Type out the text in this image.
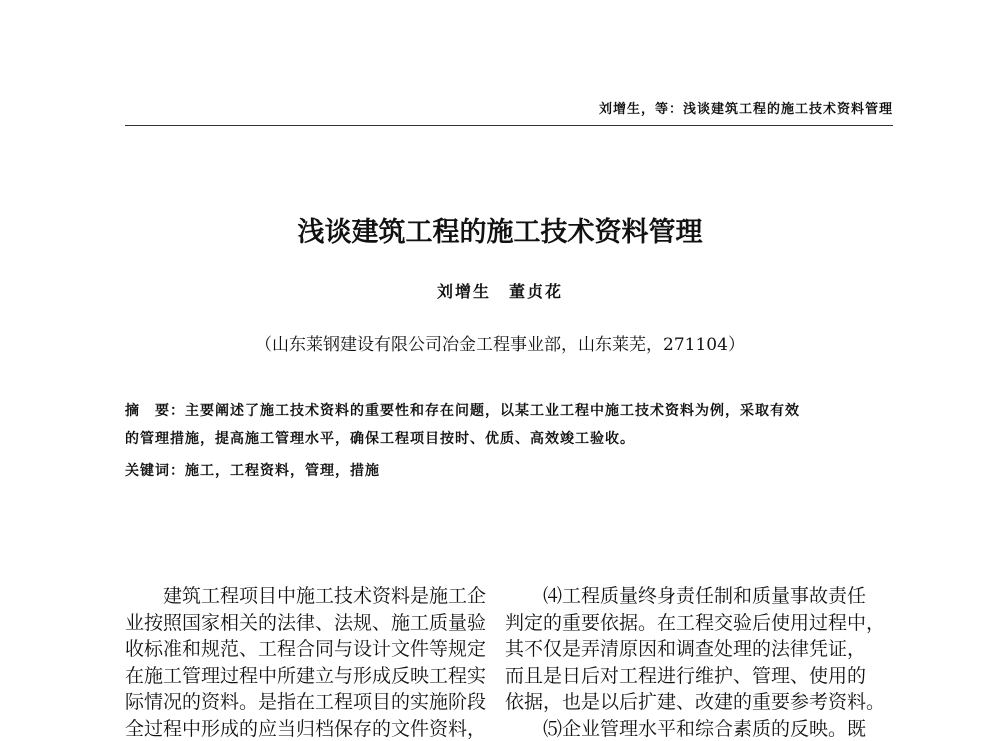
刘增生，等：浅谈建筑工程的施工技术资料管理
浅谈建筑工程的施工技术资料管理
刘增生　董贞花
（山东莱钢建设有限公司冶金工程事业部，山东莱芜，271104）
摘　要：主要阐述了施工技术资料的重要性和存在问题，以某工业工程中施工技术资料为例，采取有效
的管理措施，提高施工管理水平，确保工程项目按时、优质、高效竣工验收。
关键词：施工，工程资料，管理，措施
建筑工程项目中施工技术资料是施工企
业按照国家相关的法律、法规、施工质量验
收标准和规范、工程合同与设计文件等规定
在施工管理过程中所建立与形成反映工程实
际情况的资料。是指在工程项目的实施阶段
全过程中形成的应当归档保存的文件资料，
⑷工程质量终身责任制和质量事故责任
判定的重要依据。在工程交验后使用过程中，
其不仅是弄清原因和调查处理的法律凭证，
而且是日后对工程进行维护、管理、使用的
依据，也是以后扩建、改建的重要参考资料。
⑸企业管理水平和综合素质的反映。既
